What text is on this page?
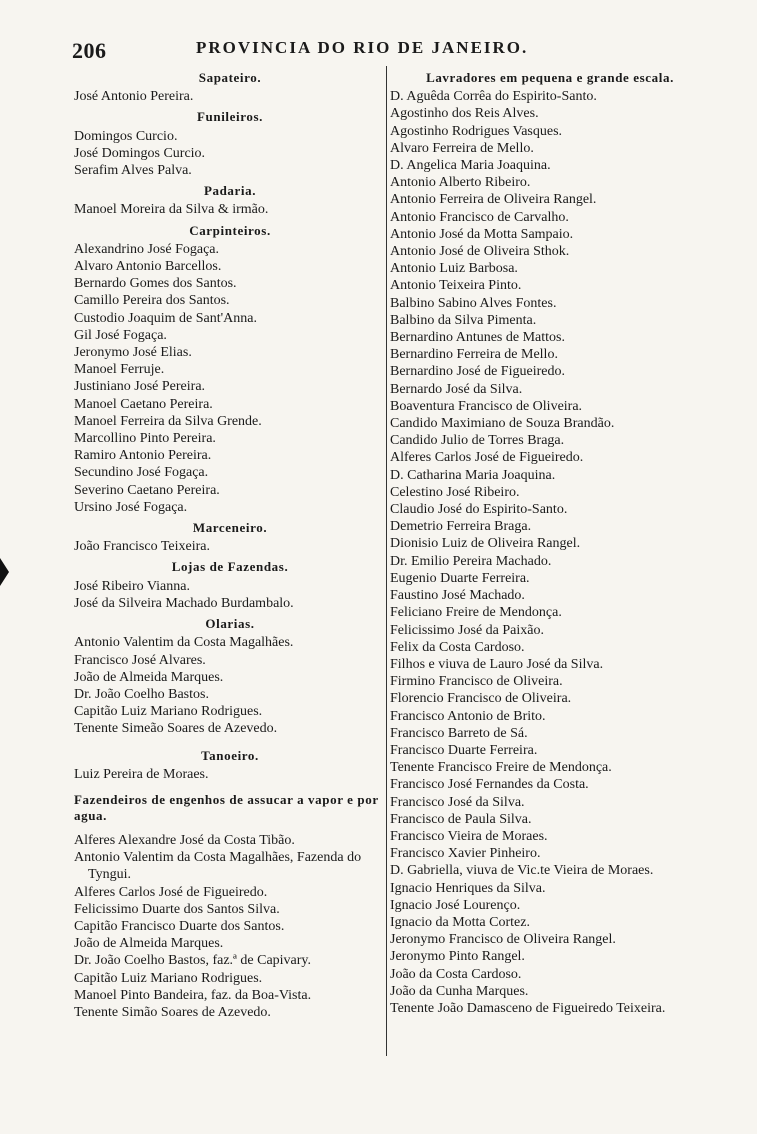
206	PROVINCIA DO RIO DE JANEIRO.
Sapateiro.
José Antonio Pereira.
Funileiros.
Domingos Curcio.
José Domingos Curcio.
Serafim Alves Palva.
Padaria.
Manoel Moreira da Silva & irmão.
Carpinteiros.
Alexandrino José Fogaça.
Alvaro Antonio Barcellos.
Bernardo Gomes dos Santos.
Camillo Pereira dos Santos.
Custodio Joaquim de Sant'Anna.
Gil José Fogaça.
Jeronymo José Elias.
Manoel Ferruje.
Justiniano José Pereira.
Manoel Caetano Pereira.
Manoel Ferreira da Silva Grende.
Marcollino Pinto Pereira.
Ramiro Antonio Pereira.
Secundino José Fogaça.
Severino Caetano Pereira.
Ursino José Fogaça.
Marceneiro.
João Francisco Teixeira.
Lojas de Fazendas.
José Ribeiro Vianna.
José da Silveira Machado Burdambalo.
Olarias.
Antonio Valentim da Costa Magalhães.
Francisco José Alvares.
João de Almeida Marques.
Dr. João Coelho Bastos.
Capitão Luiz Mariano Rodrigues.
Tenente Simeão Soares de Azevedo.
Tanoeiro.
Luiz Pereira de Moraes.
Fazendeiros de engenhos de assucar a vapor e por agua.
Alferes Alexandre José da Costa Tibão.
Antonio Valentim da Costa Magalhães, Fazenda do Tyngui.
Alferes Carlos José de Figueiredo.
Felicissimo Duarte dos Santos Silva.
Capitão Francisco Duarte dos Santos.
João de Almeida Marques.
Dr. João Coelho Bastos, faz.ª de Capivary.
Capitão Luiz Mariano Rodrigues.
Manoel Pinto Bandeira, faz. da Boa-Vista.
Tenente Simão Soares de Azevedo.
Lavradores em pequena e grande escala.
D. Aguêda Corrêa do Espirito-Santo.
Agostinho dos Reis Alves.
Agostinho Rodrigues Vasques.
Alvaro Ferreira de Mello.
D. Angelica Maria Joaquina.
Antonio Alberto Ribeiro.
Antonio Ferreira de Oliveira Rangel.
Antonio Francisco de Carvalho.
Antonio José da Motta Sampaio.
Antonio José de Oliveira Sthok.
Antonio Luiz Barbosa.
Antonio Teixeira Pinto.
Balbino Sabino Alves Fontes.
Balbino da Silva Pimenta.
Bernardino Antunes de Mattos.
Bernardino Ferreira de Mello.
Bernardino José de Figueiredo.
Bernardo José da Silva.
Boaventura Francisco de Oliveira.
Candido Maximiano de Souza Brandão.
Candido Julio de Torres Braga.
Alferes Carlos José de Figueiredo.
D. Catharina Maria Joaquina.
Celestino José Ribeiro.
Claudio José do Espirito-Santo.
Demetrio Ferreira Braga.
Dionisio Luiz de Oliveira Rangel.
Dr. Emilio Pereira Machado.
Eugenio Duarte Ferreira.
Faustino José Machado.
Feliciano Freire de Mendonça.
Felicissimo José da Paixão.
Felix da Costa Cardoso.
Filhos e viuva de Lauro José da Silva.
Firmino Francisco de Oliveira.
Florencio Francisco de Oliveira.
Francisco Antonio de Brito.
Francisco Barreto de Sá.
Francisco Duarte Ferreira.
Tenente Francisco Freire de Mendonça.
Francisco José Fernandes da Costa.
Francisco José da Silva.
Francisco de Paula Silva.
Francisco Vieira de Moraes.
Francisco Xavier Pinheiro.
D. Gabriella, viuva de Vic.te Vieira de Moraes.
Ignacio Henriques da Silva.
Ignacio José Lourenço.
Ignacio da Motta Cortez.
Jeronymo Francisco de Oliveira Rangel.
Jeronymo Pinto Rangel.
João da Costa Cardoso.
João da Cunha Marques.
Tenente João Damasceno de Figueiredo Teixeira.
